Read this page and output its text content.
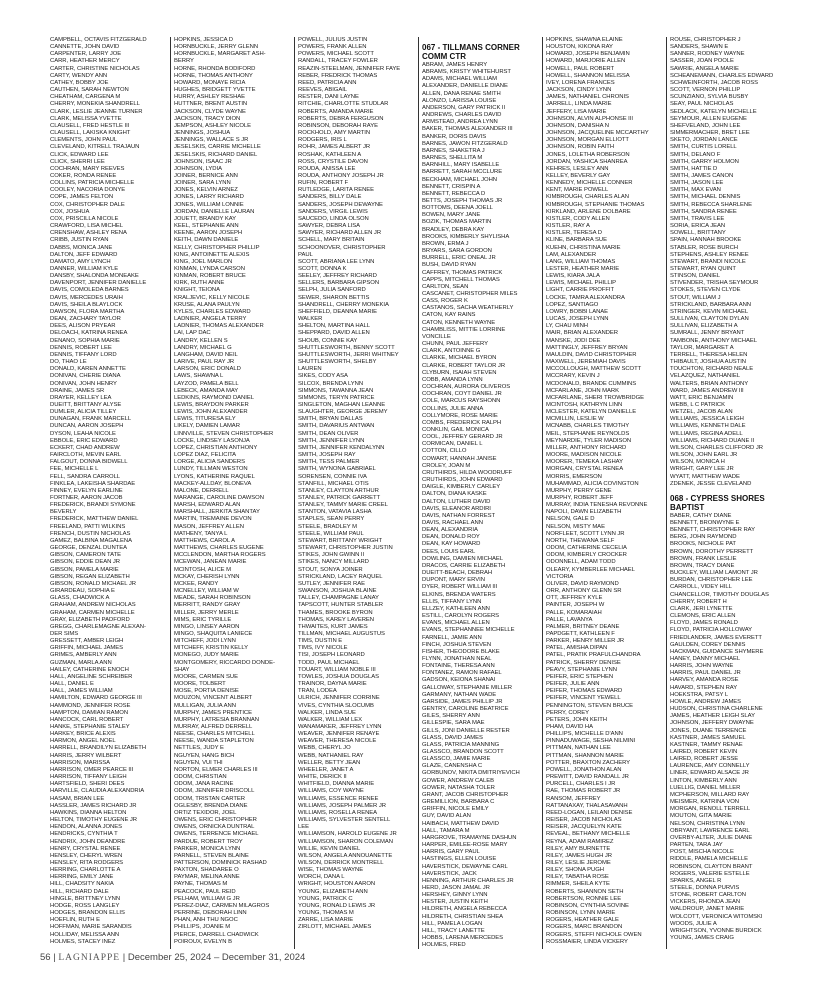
CAMPBELL, OCTAVIS FITZGERALD
CANNETTE, JOHN DAVID
CARPENTER, LARRY JOE
CARR, HEATHER MERCY
CARTER, CHRISTINE NICHOLAS
CARTY, WENDY ANN
CATHEY, BOBBY JOE
CAUTHEN, SARAH NEWTON
CHEATHAM, CARGENA M
CHERRY, MONEKIA SHANDRELL
CLARK, LESLIE JEANNE TURNER
CLARK, MELISSA YVETTE
CLAUSELL, FRED HESTLE III
CLAUSELL, LAKISKA KNIGHT
CLEMENTS, JOHN PAUL
CLEVELAND, KITRELL TRAJAUN
CLICK, EDWARD LEE
CLICK, SHERRI LEE
COCHRAN, MARY REEVES
COKER, RONDA RENEE
COLLINS, PATRICIA MICHELLE
COOLEY, NACORIA DONYE
COPE, JAMES FELTON
COX, CHRISTOPHER DALE
COX, JOSHUA
COX, PRISCILLA NICOLE
CRAWFORD, LISA MICHEL
CRENSHAW, ASHLEY RENA
CRIBB, JUSTIN RYAN
DABBS, MONICA JANE
DALTON, JEFF EDWARD
DAMATO, AMY LYNCH
DANNER, WILLIAM KYLE
DANSBY, SHALONDA MONEAKE
DAVENPORT, JENNIFER DANIELLE
DAVIS, COMOLEDA BARNES
DAVIS, MERCEDES URAIH
DAVIS, SHEILA BLAYLOCK
DAWSON, FLORA MARTHA
DEAN, ZACHARY TAYLOR
DEES, ALISON PRYEAR
DELOACH, KATRINA RENEA
DENANO, SOPHIA MARIE
DENNIS, ROBERT LEE
DENNIS, TIFFANY LORD
DO, THAO LE
DONALD, KAREN ANNETTE
DONIVAN, CHERIE DIANA
DONIVAN, JOHN HENRY
DRAINE, JAMES SR
DRAYER, KELLEY LEA
DUEITT, BRITTANY ALYSE
DUMLER, ALICIA TILLEY
DUNAGAN, FRANK MARCELL
DUNCAN, AARON JOSEPH
DYSON, LEAHA NICOLE
EBBOLE, ERIC EDWARD
ECKERT, CHAD ANDREW
FAIRCLOTH, MEVIN EARL
FALGOUT, DONNA BIDWELL
FEE, MICHELLE L
FELL, SANDRA CARROLL
FINKLEA, LAKEISHA SHARDAE
FINNEY, EVELYN EARLINE
FORTNER, AARON JACOB
FREDERICK, BRANDI SYMONE
BEVERLY
FREDERICK, MATTHEW DANIEL
FREELAND, PATTI WILKINS
FRENCH, DUSTIN NICHOLAS
GAMEZ, BALBINA MAGALENA
GEORGE, DENZAL DUNTEA
GIBSON, CAMERON TATE
GIBSON, EDDIE DEAN JR
GIBSON, PAMELA MARIE
GIBSON, REGAN ELIZABETH
GIBSON, RONALD MICHAEL JR
GIRARDEAU, SOPHIA E
GLASS, CHADWICK A
GRAHAM, ANDREW NICHOLAS
GRAHAM, CARMEN MICHELLE
GRAY, ELIZABETH PADFORD
GREGG, CHARLEMAGNE ALEXAN-
DER SIMS
GRESSETT, AMBER LEIGH
GRIFFIN, MICHAEL JAMES
GRIMES, AMBERLY ANN
GUZMAN, MARLA ANN
HAILEY, CATHERINE ENOCH
HALL, ANGELINE SCHREIBER
HALL, DANIEL E
HALL, JAMES WILLIAM
HAMILTON, EDWARD GEORGE III
HAMMOND, JENNIFER ROSE
HAMPTON, DAMIAN RAMON
HANCOCK, CARL ROBERT
HANKE, STEPHANIE STALEY
HARKEY, BRICE ALEXIS
HARMON, ANGEL NOEL
HARRELL, BRANDILYN ELIZABETH
HARRIS, JERRY WILBERT
HARRISON, MARISSA
HARRISON, OMER PEARCE III
HARRISON, TIFFANY LEIGH
HARTSFIELD, SHERI DEES
HARVILLE, CLAUDIA ALEXANDRIA
HASAM, BRIAN LEE
HASSLER, JAMES RICHARD JR
HAWKINS, DIANNA HELTON
HELTON, TIMOTHY EUGENE JR
HENDON, ALANNA JONES
HENDRICKS, CYNTHIA T
HENDRIX, JOHN DEANDRE
HENRY, CRYSTAL RENEE
HENSLEY, CHERYL WREN
HENSLEY, RITA RODGERS
HERRING, CHARLOTTE A
HERRING, EMILY JANE
HILL, CHADSITY NAKIA
HILL, RICHARD DALE
HINGLE, BRITTNEY LYNN
HODGE, ROSS LANGLEY
HODGES, BRANDON ELLIS
HOEFLIN, RUTH E
HOFFMAN, MARIE SARANDIS
HOLLIDAY, MELISSA ANN
HOLMES, STACEY INEZ
HOPKINS, JESSICA D
HORNBUCKLE, JERRY GLENN
HORNBUCKLE, MARGARET ASH-
BERRY
HORNE, RHONDA BODIFORD
HORNE, THOMAS ANTHONY
HOWARD, MONAYE RICIA
HUGHES, BRIDGETT YVETTE
HURRY, ASHLEY RESHAE
HUTTNER, BRENT AUSTIN
JACKSON, CLYDE WAYNE
JACKSON, TRACY DION
JEMPSON, ASHLEY NICOLE
JENNINGS, JOSHUA
JENNINGS, WALLACE S JR
JESELSKIS, CARRIE MICHELLE
JESELSKIS, RICHARD DANIEL
JOHNSON, ISAAC JR
JOHNSON, LYDIA
JOINER, BERNICE ANN
JOINER, SARA LYNN
JONES, KELVIN ARNEZ
JONES, LARRY RICHARD
JONES, WILLIAM LONNIE
JORDAN, DANIELLE LAURAN
JOUETT, BRANDY KAY
KEEL, STEPHANIE ANN
KEENE, AARON JOSEPH
KEITH, DAWN DANIELE
KELLY, CHRISTOPHER PHILLIP
KING, ANTOINETTE ALEXIS
KING, JOEL MARLON
KINMAN, LYNDA CARSON
KINMAN, ROBERT BRUCE
KIRK, RUTH ANNE
KNIGHT, TEIONA
KRALJEVIC, KELLY NICOLE
KRUSE, ALANA PAULYN
KYLES, CHARLES EDWARD
LADNIER, ANGELA TERRY
LADNIER, THOMAS ALEXANDER
LAI, LAP DAC
LANDRY, KELLEN S
LANDRY, MICHAEL G
LANGHAM, DAVID NEIL
LARIVE, PAUL RAY JR
LARSON, ERIC DONALD
LAWS, SHAWNA L
LAYZOD, PAMELA BELL
LEBECK, AMANDA MAY
LEDKINS, RAYMOND DANIEL
LEWIS, BRAYDON PARKER
LEWIS, JOHN ALEXANDER
LEWIS, TITURESA ELY
LIKELY, DAMIEN LAMAR
LINNVILLE, STEVEN CHRISTOPHER
LOCKE, LINDSEY LASONJA
LOPEZ, CHRISTIAN ANTHONY
LOPEZ DIAZ, FELICITA
LORGE, ALICIA SANDERS
LUNDY, TILLMAN WESTON
LYONS, KATHERINE RAQUEL
MACKEY-ALLDAY, BLONEVA
MALONE, DERRELL
MARANGE, CAROLINE DAWSON
MARSH, EDWARD ALAN
MARSHALL, JERKITA SHANTAY
MARTIN, TREMAINE DEVON
MASON, JEFFREY ALLEN
MATHENY, TANYA L
MATTHEWS, CAROL A
MATTHEWS, CHARLES EUGENE
MCCLENDON, MARTHA ROGERS
MCEWAN, JANEAN MARIE
MCINTOSH, ALICE M
MCKAY, CHERISH LYNN
MCKEE, RANDY
MCNELLEY, WILLIAM W
MEADE, SARAH ROBINSON
MERRITT, RANDY GRAY
MILLER, JERRY MERLE
MIMS, ERIC TYRILLE
MINGO, LINSEY AARON
MINGO, SHAQUITA LANIECE
MITCHEFF, JODI LYNN
MITCHEFF, KRISTIN KELLY
MONEGO, JUDY MARIE
MONTGOMERY, RICCARDO DONDE-
SHAY
MOORE, CARMEN SUE
MOORE, TOLBERT
MOSE, PORTIA DENISE
MOUZON, VINCENT ALBERT
MULLIGAN, JULIA ANN
MURPHY, JAMES PRENTICE
MURPHY, LATRESIA BRANNAN
MURRAY, ALFRED DERRELL
NEESE, CHARLES MITCHELL
NEESE, WANDA STAPLETON
NETTLES, JUDY E
NGUYEN, HANG BICH
NGUYEN, VUI THI
NORTON, ELMER CHARLES III
ODOM, CHRISTIAN
ODOM, JANA RACINE
ODOM, JENNIFER DRISCOLL
ODOM, TRISTAN CARTER
OGLESBY, BRENDA DIANE
ORTIZ TEXIDOR, JOEL
OWENS, ERIC CHRISTOPHER
OWENS, ORNICKA DUNTRAL
OWENS, TERRENCE MICHAEL
PARDUE, ROBERT TROY
PARKER, MONICA LYNN
PARNELL, STEVEN BLAINE
PATTERSON, DOMINICK RASHAD
PAXTON, SHADAREE O
PAYMAR, MELINA ANNE
PAYNE, THOMAS M
PEACOCK, PAUL REID
PELHAM, WILLIAM G JR
PEREZ-DIAZ, CARMEN MILAGROS
PERRINE, DEBORAH LINN
PHAN, ANH THU NGOC
PHILLIPS, JOANIE M
PIERCE, DARRELL CHADWICK
POIROUX, EVELYN B
POWELL, JULIUS JUSTIN
POWERS, FRANK ALLEN
POWERS, MICHAEL SCOTT
RANDALL, TRACEY FOWLER
REAZIN-STEELMAN, JENNIFER FAYE
REBER, FREDRICK THOMAS
REED, PATRICIA ANN
REEVES, ABIGAIL
RESTER, DANI LAYNE
RITCHIE, CHARLOTTE STUDLAR
ROBERTS, AMANDA MARIE
ROBERTS, DEBRA FERGUSON
ROBINSON, DEBORAH RAYE
ROCKHOLD, AMY MARTIN
RODGERS, IRIS L
ROHR, JAMES ALBERT JR
ROSHAK, KATHLEEN A
ROSS, CRYSTILE DAVON
ROUDA, ANISSA LEE
ROUDA, ANTHONY JOSEPH JR
RUFIN, ROBERT F
RUTLEDGE, LARITA RENEE
SANDERS, BILLY DALE
SANDERS, JOSEPH DEWAYNE
SANDERS, VIRGIL LEWIS
SAUCEDO, LINDA OLSON
SAWYER, DEBRA LISA
SAWYER, RICHARD ALLEN JR
SCHELL, MARY BRITAIN
SCHOONOVER, CHRISTOPHER
PAUL
SCOTT, ABRIANA LEE LYNN
SCOTT, DONNA K
SEELEY, JEFFREY RICHARD
SELLERS, BARBARA GIPSON
SELPH, JULIA SANFORD
SEWER, SHARON BETTIS
SHANDRELL, CHERRY MONEKIA
SHEFFIELD, DEANNA MARIE
WALKER
SHELTON, MARTINA HALL
SHEPPARD, DAVID ALLEN
SHOUB, CONNIE KAY
SHUTTLESWORTH, BENNY SCOTT
SHUTTLESWORTH, JERRI WHITNEY
SHUTTLESWORTH, SHELBY
LAUREN
SIKES, CODY ASA
SILCOX, BRENDA LYNN
SIMMONS, TAWANNA JEAN
SIMMONS, TERYN PATRICE
SINGLETON, MAGHAN LEANNE
SLAUGHTER, GEORGE JEREMY
SMITH, BRYAN DALLAS
SMITH, DAVARIUS ANTWAN
SMITH, DEAN OLIVER
SMITH, JENNIFER LYNN
SMITH, JENNIFER KENDALYNN
SMITH, JOSEPH RAY
SMITH, TESS PALMER
SMITH, WYNONA GABRIAEL
SORENSEN, CONNIE IVA
STANFILL, MICHAEL OTIS
STANLEY, CLAYTON ARTHUR
STANLEY, PATRICK GARRETT
STANLEY, TAMMY MARIE CREEL
STANTON, VATAVIA LASHA
STAPLES, SEAN PERRY
STEELE, BRADLEY M
STEELE, WILLIAM PAUL
STEWART, BRITTANY WRIGHT
STEWART, CHRISTOPHER JUSTIN
STIKES, JOHN GWINN II
STIKES, NANCY MILLARD
STOUT, SONYA JOINER
STRICKLAND, LACEY RAQUEL
SUTLEY, JENNIFER RAE
SWANSON, JOSHUA BLAINE
TALLEY, CHAMPAGNE LANAY
TAPSCOTT, HUNTER STABLER
THAMES, BROOKE BYRON
THOMAS, KAREY LAVEREN
THWAITES, KURT JAMES
TILLMAN, MICHAEL AUGUSTUS
TIMS, DUSTIN E
TIMS, IVY NICOLE
TISI, JOSEPH LEONARD
TODD, PAUL MICHAEL
TOUART, WILLIAM NOBLE III
TOWLES, JOSHUA DOUGLAS
TRAINOR, DAYNA MARIE
TRAN, LODEA
ULRICH, JENNIFER CORRINE
VIVES, CYNTHIA SLOCUMB
WALKER, LINDA SUE
WALKER, WILLIAM LEX
WANAMAKER, JEFFREY LYNN
WEAVER, JENNIFER RENAYE
WEAVER, THERESA NICOLE
WEBB, CHERYL JO
WEBB, NATHANIEL RAY
WELLER, BETTY JEAN
WHEELER, JANET A
WHITE, DERICK II
WHITFIELD, DIANNA MARIE
WILLIAMS, COY WAYNE
WILLIAMS, ESSENCE RENEE
WILLIAMS, JOSEPH PALMER JR
WILLIAMS, ROSELLA RENEA
WILLIAMS, SYLVESTER SENTELL
LEE
WILLIAMSON, HAROLD EUGENE JR
WILLIAMSON, SHARON COLEMAN
WILLIE, KEVIN DANIEL
WILSON, ANGELA ANNOUANETTE
WILSON, DERRICK MONTRELL
WISE, THOMAS WAYNE
WORCH, DANA L
WRIGHT, HOUSTON AARON
YOUNG, ELIZABETH ANN
YOUNG, PATRICK C
YOUNG, RONALD LEWIS JR
YOUNG, THOMAS M
ZARRE, LISA MARIE
ZIRLOTT, MICHAEL JAMES
067 - TILLMANS CORNER COMM CTR
ABRAM, JAMES HENRY
ABRAMS, KRISTY WHITEHURST
ADAMS, MICHAEL WILLIAM
ALEXANDER, DANIELLE DIANE
ALLEN, DANA RENAE SMITH
ALONZO, LARISSA LOUISE
ANDERSON, GARY PATRICK II
ANDREWS, CHARLES DAVID
ARMSTEAD, ANDREA LYNN
BAKER, THOMAS ALEXANDER III
BANKER, DORIS DAVIS
BARNES, JAWON FITZGERALD
BARNES, SHAKETRA J
BARNES, SHELLITA M
BARNHILL, MARY ISABELLE
BARRETT, SARAH MCCLURE
BECKHAM, MICHAEL JOHN
BENNETT, CRISPIN A
BENNETT, REBECCA D
BETTS, JOSEPH THOMAS JR
BOTTOMS, DEENA JOELL
BOWEN, MARY JANE
BOZIK, THOMAS MARTIN
BRADLEY, DEBRA KAY
BROOKS, KIMBERLY SHYLISHA
BROWN, ERMA J
BRYARS, SARA GORDON
BURRELL, ERIC ONEAL JR
BUSH, DAVID RYAN
CAFFREY, THOMAS PATRICK
CAPPS, MITCHELL THOMAS
CARLTON, SEAN
CASCANET, CHRISTOPHER MILES
CASS, ROGER K
CASTANOS, SACHA WEATHERLY
CATON, KAY RAINS
CATON, KENNETH WAYNE
CHAMBLISS, MITTIE LORRINE
VONCILLE
CHUNN, PAUL JEFFERY
CLARK, ANTOINNE G
CLARKE, MICHAEL BYRON
CLARKE, ROBERT TAYLOR JR
CLYBURN, ISAIAH STEVEN
COBB, AMANDA LYNN
COCHRAN, AURORA OLIVEROS
COCHRAN, COYT DANIEL JR
COLE, MARCUS RAYSHONN
COLLINS, JULIE ANNA
COLLYMORE, ROSE MARIE
COMBS, FREDERICK RALPH
CONKLIN, GAIL MONICA
COOL, JEFFREY GERARD JR
CORMICAN, DANIEL L
COTTON, CILLO
COWART, HANNAH JANISE
CROLEY, JOAN M
CRUTHIRDS, HILDA WOODRUFF
CRUTHIRDS, JOHN EDWARD
DAIGLE, KIMBERLY CARLEY
DALTON, DIANA KASKE
DALTON, LUTHER DAVID
DAVIS, ELEANOR ARDIRI
DAVIS, NATHAN FORREST
DAVIS, RACHAEL ANN
DEAN, ALEXANDRIA
DEAN, DONALD ROY
DEAN, KAY HOWARD
DEES, LOUIS EARL
DOWLING, DAMIEN MICHAEL
DRACOS, CARRIE ELIZABETH
DUEITT-BEACH, DEBRAH
DUPONT, MARY ERVIN
DYER, ROBERT WILLIAM III
ELKINS, BRENDA WATERS
ELLIS, TIFFANY LYNN
ELLZEY, KATHLEEN ANN
ESTILL, CAROLYN ROGERS
EVANS, MICHAEL ALLEN
EVANS, STEPHANNEE MICHELLE
FARNELL, JAMIE ANN
FINCH, JOSHUA STEVEN
FISHER, THEODORE BLAKE
FLYNN, JONATHAN NEAL
FONTAINE, THERESA ANN
FONTANEZ, RAMON RAFAEL
GADSON, KEIONA SHANAI
GALLOWAY, STEPHANIE MILLER
GARMANY, NATHAN WADE
GARSIDE, JAMES PHILLIP JR
GENTRY, CAROLINE BEATRICE
GILES, SHERRY ANN
GILLESPIE, SARA MAE
GILLS, JONI DANIELLE RESTER
GLASS, DAVID JAMES
GLASS, PATRICIA MANNING
GLASSCO, BRANDON SCOTT
GLASSCO, JAMIE MARIE
GLAZE, CANENSHA C
GORBUNOV, NIKITA DMITRIYEVICH
GOWER, ANDREW CALEB
GOWER, NATASHA TOLER
GRANT, JACOB CHRISTOPHER
GREMILLION, BARBARA C
GRIFFIN, NICOLE EMILY
GUY, DAVID ALAN
HAIBACH, MATTHEW DAVID
HALL, TAMARA M
HARGROVE, TRAMAYNE DASHUN
HARPER, EMILEE-ROSE MARY
HARRIS, GARY PAUL
HASTINGS, ELLEN LOUISE
HAVERSTICK, DEWAYNE CARL
HAVERSTICK, JACK
HENNING, ARTHUR CHARLES JR
HERD, JASON JAMAL JR
HERSHEY, GINNY LYNN
HESTER, JUSTIN KEITH
HILDRETH, ANGELA REBECCA
HILDRETH, CHRISTIAN SHEA
HILL, PAMELA LOGAN
HILL, TRACY LANETTE
HOBBS, LARENA MERCEDES
HOLMES, FRED
HOPKINS, SHAWNA ELAINE
HOUSTON, KIKONA RAY
HOWARD, JOSEPH BENJAMIN
HOWARD, MARJORIE ALLEN
HOWELL, PAUL ROBERT
HOWELL, SHANNON MELISSA
IVEY, LORENA FRANCES
JACKSON, CINDY LYNN
JAMES, NATHANIEL CHRONIS
JARRELL, LINDA MARIE
JEFFERY, LISA MARIE
JOHNSON, ALVIN ALPHONSE III
JOHNSON, DANISHA N
JOHNSON, JACQUELINE MCCARTHY
JOHNSON, MORGAN ELLIOTT
JOHNSON, ROBIN FAITH
JONES, LOLETHA ROBERSON
JORDAN, YASHICA SHANREA
KEHRES, LESLEY ANN
KELLEY, BEVERLY GAY
KENNEDY, MICHELLE CONNER
KENT, MARIE POWELL
KIMBROUGH, CHARLES ALAN
KIMBROUGH, STEPHANIE THOMAS
KIRKLAND, ARLENE DOLBARE
KISTLER, CODY ALLEN
KISTLER, RAY A
KISTLER, TERESA D
KLINE, BARBARA SUE
KUEHN, CHRISTINA MARIE
LAM, ALEXANDER
LANG, WILLIAM THOMAS
LESTER, HEATHER MARIE
LEWIS, KIARA JALA
LEWIS, MICHAEL PHILLIP
LIGHT, CARRIE PROFFIT
LOCKE, TAMRA ALEXANDRA
LOPEZ, SANTIAGO
LOWRY, BOBBI LANAE
LUCAS, JOSEPH LYNN
LY, CHAU MINH
MAIR, BRIAN ALEXANDER
MANSKE, JODI DEE
MATTINGLY, JEFFREY BRYAN
MAULDIN, DAVID CHRISTOPHER
MAXWELL, JEREMIAH DAVIS
MCCOLLOUGH, MATTHEW SCOTT
MCCRARY, KEVIN J
MCDONALD, BRANDE CUMMINS
MCFARLANE, JOHN MARK
MCFARLANE, SHERI TROWBRIDGE
MCINTOSH, KATHRYN LINN
MCLESTER, KATELYN DANIELLE
MCMILLIN, LESLIE W
MCNABB, CHARLES TIMOTHY
MEIL, STEPHANIE REYNOLDS
MEYNARDIE, TYLER MADISON
MILLER, ANTHONY RICHARD
MOORE, MADISON NICOLE
MOORER, TEMEKA LASHAY
MORGAN, CRYSTAL RENEA
MORRIS, EMERSON
MUHAMMAD, ALICIA COVINGTON
MURPHY, PERRY GENE
MURPHY, ROBERT JEFF
MURRAY, INDIA TENESHA REVONNE
NAPOLI, DAWN ELIZABETH
NELSON, GALE D
NELSON, MISTY MAE
NORFLEET, SCOTT LYNN JR
NORTH, THEWANA SELF
ODOM, CATHERINE CECELIA
ODOM, KIMBERLY CROCKER
ODONNELL, ADAM TODD
OLEARY, KYMBERLEE MICHAEL
VICTORIA
OLIVER, DAVID RAYMOND
ORR, ANTHONY GLENN SR
OTT, JEFFREY KYLE
PAINTER, JOSEPH W
PALLE, KOMARAIAH
PALLE, LAVANYA
PALMER, BRITNEY DEANE
PAPDGETT, KATHLEEN F
PARKER, HENRY MILLER JR
PATEL, AMISHA DIPAN
PATEL, PRATIK PRAFULCHANDRA
PATRICK, SHERRY DENISE
PEAVY, STEPHANIE LYNN
PEIFER, ERIC STEPHEN
PEIFER, JULIE ANN
PEIFER, THOMAS EDWARD
PEIFER, VINCENT YEWELL
PENNINGTON, STEVEN BRUCE
PERRY, COREY
PETERS, JOHN KEITH
PHAM, DAVID HA
PHILLIPS, MICHELLE D'ANN
PINNADUWAGE, SESHA NILMINI
PITTMAN, NATHAN LEE
PITTMAN, SHANNON MARIE
POTTER, BRAXTON ZACHERY
POWELL, JONATHON ALAN
PREWITT, DAVID RANDALL JR
PURCELL, CHARLES I JR
RAE, THOMAS ROBERT JR
RANSOM, JEFFREY
RATTANAXAY, THALASAVANH
REED-LOGAN, LEILANI DENISE
REISER, JACOB NICHOLAS
REISER, JACQUELYN KATE
REVEAL, BETHANY MICHELLE
REYNA, ADAM RAMIREZ
RILEY, AMY BURNETTE
RILEY, JAMES HUGH JR
RILEY, LESLIE JEROME
RILEY, SHONA PUGH
RILEY, TABATHA ROSE
RIMMER, SHEILA KYTE
ROBERTS, SHANNON SETH
ROBERTSON, RONNIE LEE
ROBINSON, CYNTHIA SOVINE
ROBINSON, LYNN MARIE
ROGERS, HEATHER GALE
ROGERS, MARC BRANDON
ROGERS, STEFFI NICHOLE OWEN
ROSSMAIER, LINDA VICKERY
ROUSE, CHRISTOPHER J
SANDERS, SHAWN E
SANNER, RODNEY WAYNE
SASSER, JOAN POOLE
SAWRIE, ANGELA MARIE
SCHEANEMANN, CHARLES EDWARD
SCHWEINFORTH, JACOB ROSS
SCOTT, VERNON PHILLIP
SCUNZIANO, SYLVIA BUSBY
SEAY, PAUL NICHOLAS
SEDLACK, KATELYN MICHELLE
SEYMOUR, ALLEN EUGENE
SHEFVELAND, JOHN LEE
SIMMERMACHER, BRET LEE
SKETO, JORDAN LANCE
SMITH, CURTIS LORELL
SMITH, DELANO F
SMITH, GARRY HOLMON
SMITH, HATTIE D
SMITH, JAMES CANON
SMITH, JASON LEE
SMITH, MAX EVAN
SMITH, MICHAEL DENNIS
SMITH, REBECCA SHARLENE
SMITH, SANDRA RENEE
SMITH, TRAVIS LEE
SORIA, ERICA JEAN
SOWELL, BRITTANY
SPAIN, HANNAH BROOKE
STABLER, ROSE BURCH
STEPHENS, ASHLEY RENEE
STEWART, BRANDI NICOLE
STEWART, RYAN QUINT
STINSON, DANIEL
STIVENDER, TRISHA SEYMOUR
STOKES, STEVEN CLYDE
STOUT, WILLIAM J
STRICKLAND, BARBARA ANN
STRINGER, KEVIN MICHAEL
SULLIVAN, CLAYTON DYLAN
SULLIVAN, ELIZABETH A
SUMRALL, JENNY BRYANT
TAMBONE, ANTHONY MICHAEL
TAYLOR, MARGARET A
TERRELL, THERESA HELEN
THIBAULT, JOSHUA AUSTIN
TOUCHTON, RICHARD NEALE
VELAZQUEZ, NATHANIEL
WALTERS, BRIAN ANTHONY
WARD, JAMES ANDREW III
WATT, ERIC BENJAMIN
WEBB, L C PATRICK
WETZEL, JACOB ALAN
WILLIAMS, JESSICA LEIGH
WILLIAMS, KENNETH DALE
WILLIAMS, REGINA ADELL
WILLIAMS, RICHARD DUANE II
WILSON, CHARLES CLIFFORD JR
WILSON, JOHN EARL JR
WILSON, MONICA H
WRIGHT, GARY LEE JR
WYATT, MATTHEW WADE
ZDENEK, JESSE CLEVELAND
068 - CYPRESS SHORES BAPTIST
BABER, CATHY DIANE
BENNETT, BRONWYNE E
BENNETT, CHRISTOPHER RAY
BERG, JOHN RAYMOND
BROOKS, NICHOLE PAT
BROWN, DOROTHY PERRETT
BROWN, FRANK LESLIE
BROWN, TRACY DIANE
BUCKLEY, WILLIAM LAMONT JR
BURDAN, CHRISTOPHER LEE
CARROLL, VIDEY HILL
CHANCELLOR, TIMOTHY DOUGLAS
CHERRY, ROBERT H
CLARK, JERI LYNETTE
CLEMONS, ERIC ALLEN
FLOYD, JAMES RONALD
FLOYD, PATRICIA HOLLOWAY
FRIEDLANDER, JAMES EVERETT
GAULDEN, COREY DENNIS
HACKMAN, GUIDANCE SHYMERE
HANEY, DANNY MICHAEL
HARRIS, JOHN WAYNE
HARRIS, PAUL DANIEL JR
HARVEY, AMANDA ROSE
HAVARD, STEPHEN RAY
HOEKSTRA, PATSY L
HOWLE, ANDREW JAMES
HUDSON, CHRISTINA CHARLENE
JAMES, HEATHER LEIGH SLAY
JOHNSON, JEFFERY DWAYNE
JONES, DUANE TERRENCE
KASTNER, JAMES SAMUEL
KASTNER, TAMMY RENAE
LAIRED, ROBERT KEVIN
LAIRED, ROBERT JESSE
LAURENCE, AMY CONNELLY
LINER, EDWARD ALSACE JR
LINTON, KIMBERLY ANN
LUELLIG, DANIEL MILLER
MCPHERSON, MILLARD RAY
MEISMER, KATRINA VON
MORGAN, RENOLL TERRELL
MOUTON, GITA MARIE
NELSON, CHRISTINA LYNN
OBRYANT, LAWRENCE EARL
OVERBY-ALTER, JULIE DIANE
PARTEN, TARA JAY
POST, MISCHA NICOLE
RIDDLE, PAMELA MICHELLE
ROBINSON, CLAYTON BRANT
ROGERS, VALERIE ESTELLE
SPARKS, ANGEL R
STEELE, DONNA PURVIS
STONE, ROBERT CARLTON
VICKERS, RHONDA JEAN
WALDROUP, JANET MARIE
WOLCOTT, VERONICA WITOMSKI
WOODS, JULIE A
WRIGHTSON, YVONNE BURDICK
YOUNG, JAMES CRAIG
56 | LAGNIAPPE | December 25, 2024 – December 31, 2024
